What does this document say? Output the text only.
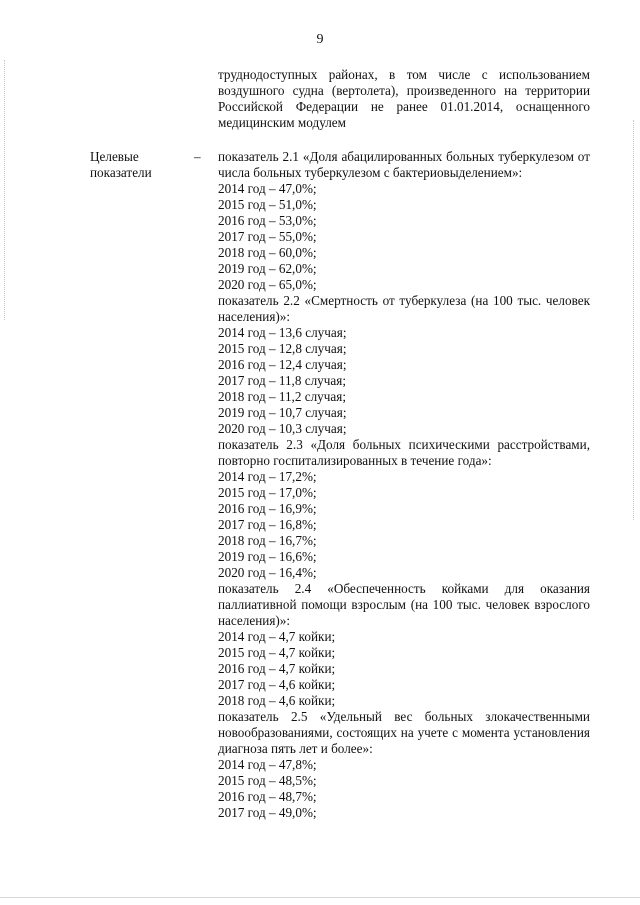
9
труднодоступных районах, в том числе с использованием воздушного судна (вертолета), произведенного на территории Российской Федерации не ранее 01.01.2014, оснащенного медицинским модулем
Целевые показатели
– показатель 2.1 «Доля абацилированных больных туберкулезом от числа больных туберкулезом с бактериовыделением»:
2014 год – 47,0%;
2015 год – 51,0%;
2016 год – 53,0%;
2017 год – 55,0%;
2018 год – 60,0%;
2019 год – 62,0%;
2020 год – 65,0%;
показатель 2.2 «Смертность от туберкулеза (на 100 тыс. человек населения)»:
2014 год – 13,6 случая;
2015 год – 12,8 случая;
2016 год – 12,4 случая;
2017 год – 11,8 случая;
2018 год – 11,2 случая;
2019 год – 10,7 случая;
2020 год – 10,3 случая;
показатель 2.3 «Доля больных психическими расстройствами, повторно госпитализированных в течение года»:
2014 год – 17,2%;
2015 год – 17,0%;
2016 год – 16,9%;
2017 год – 16,8%;
2018 год – 16,7%;
2019 год – 16,6%;
2020 год – 16,4%;
показатель 2.4 «Обеспеченность койками для оказания паллиативной помощи взрослым (на 100 тыс. человек взрослого населения)»:
2014 год – 4,7 койки;
2015 год – 4,7 койки;
2016 год – 4,7 койки;
2017 год – 4,6 койки;
2018 год – 4,6 койки;
показатель 2.5 «Удельный вес больных злокачественными новообразованиями, состоящих на учете с момента установления диагноза пять лет и более»:
2014 год – 47,8%;
2015 год – 48,5%;
2016 год – 48,7%;
2017 год – 49,0%;
